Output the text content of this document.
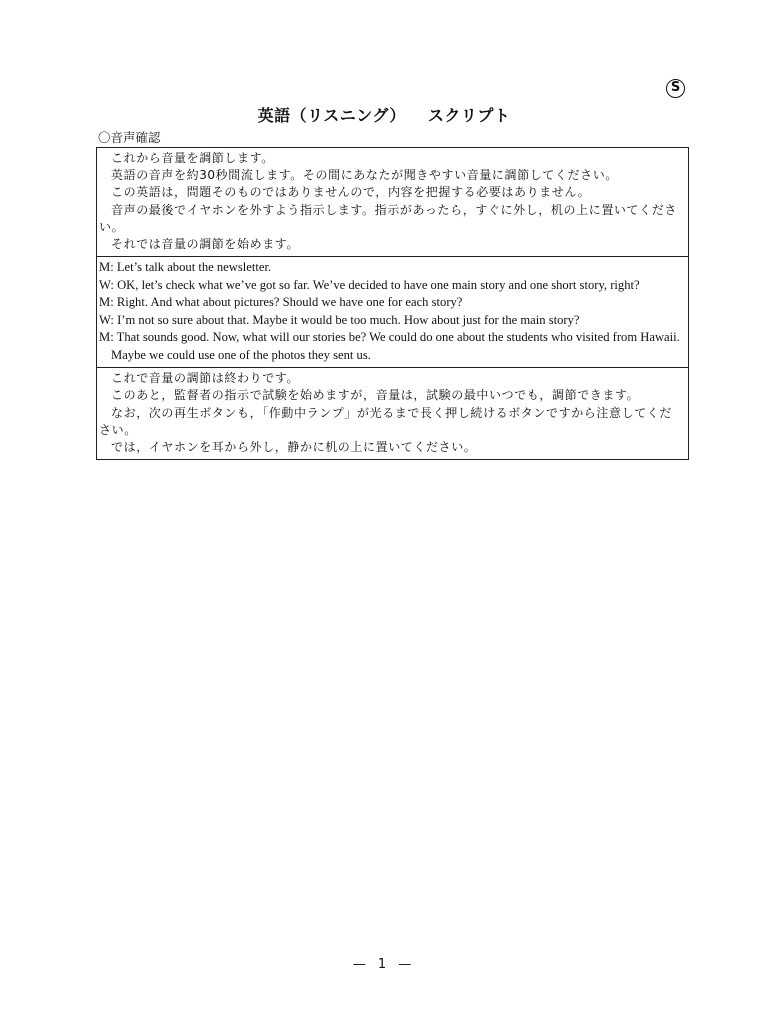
S
英語（リスニング） スクリプト
〇音声確認

これから音量を調節します。

英語の音声を約30秒間流します。その間にあなたが聞きやすい音量に調節してください。

この英語は，問題そのものではありませんので，内容を把握する必要はありません。

音声の最後でイヤホンを外すよう指示します。指示があったら，すぐに外し，机の上に置いてください。

それでは音量の調節を始めます。

M: Let’s talk about the newsletter.

W: OK, let’s check what we’ve got so far. We’ve decided to have one main story and one short story, right?

M: Right. And what about pictures? Should we have one for each story?

W: I’m not so sure about that. Maybe it would be too much. How about just for the main story?

M: That sounds good. Now, what will our stories be? We could do one about the students who visited from Hawaii. Maybe we could use one of the photos they sent us.

これで音量の調節は終わりです。

このあと，監督者の指示で試験を始めますが，音量は，試験の最中いつでも，調節できます。

なお，次の再生ボタンも，「作動中ランプ」が光るまで長く押し続けるボタンですから注意してください。

では，イヤホンを耳から外し，静かに机の上に置いてください。

— 1 —
